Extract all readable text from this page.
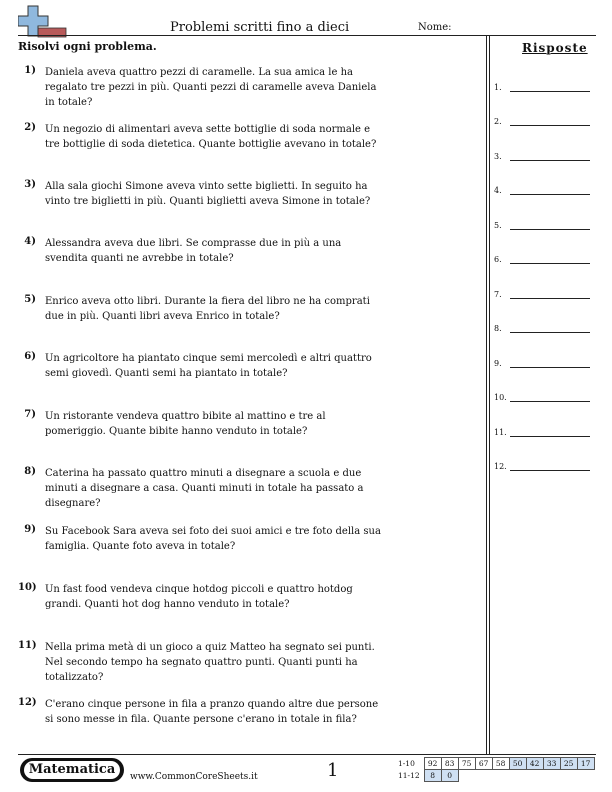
Problemi scritti fino a dieci	Nome:
Risolvi ogni problema.
1) Daniela aveva quattro pezzi di caramelle. La sua amica le ha regalato tre pezzi in più. Quanti pezzi di caramelle aveva Daniela in totale?
2) Un negozio di alimentari aveva sette bottiglie di soda normale e tre bottiglie di soda dietetica. Quante bottiglie avevano in totale?
3) Alla sala giochi Simone aveva vinto sette biglietti. In seguito ha vinto tre biglietti in più. Quanti biglietti aveva Simone in totale?
4) Alessandra aveva due libri. Se comprasse due in più a una svendita quanti ne avrebbe in totale?
5) Enrico aveva otto libri. Durante la fiera del libro ne ha comprati due in più. Quanti libri aveva Enrico in totale?
6) Un agricoltore ha piantato cinque semi mercoledì e altri quattro semi giovedì. Quanti semi ha piantato in totale?
7) Un ristorante vendeva quattro bibite al mattino e tre al pomeriggio. Quante bibite hanno venduto in totale?
8) Caterina ha passato quattro minuti a disegnare a scuola e due minuti a disegnare a casa. Quanti minuti in totale ha passato a disegnare?
9) Su Facebook Sara aveva sei foto dei suoi amici e tre foto della sua famiglia. Quante foto aveva in totale?
10) Un fast food vendeva cinque hotdog piccoli e quattro hotdog grandi. Quanti hot dog hanno venduto in totale?
11) Nella prima metà di un gioco a quiz Matteo ha segnato sei punti. Nel secondo tempo ha segnato quattro punti. Quanti punti ha totalizzato?
12) C'erano cinque persone in fila a pranzo quando altre due persone si sono messe in fila. Quante persone c'erano in totale in fila?
Risposte
1.
2.
3.
4.
5.
6.
7.
8.
9.
10.
11.
12.
Matematica	www.CommonCoreSheets.it	1	1-10	92	83	75	67	58	50	42	33	25	17
11-12	8	0								
